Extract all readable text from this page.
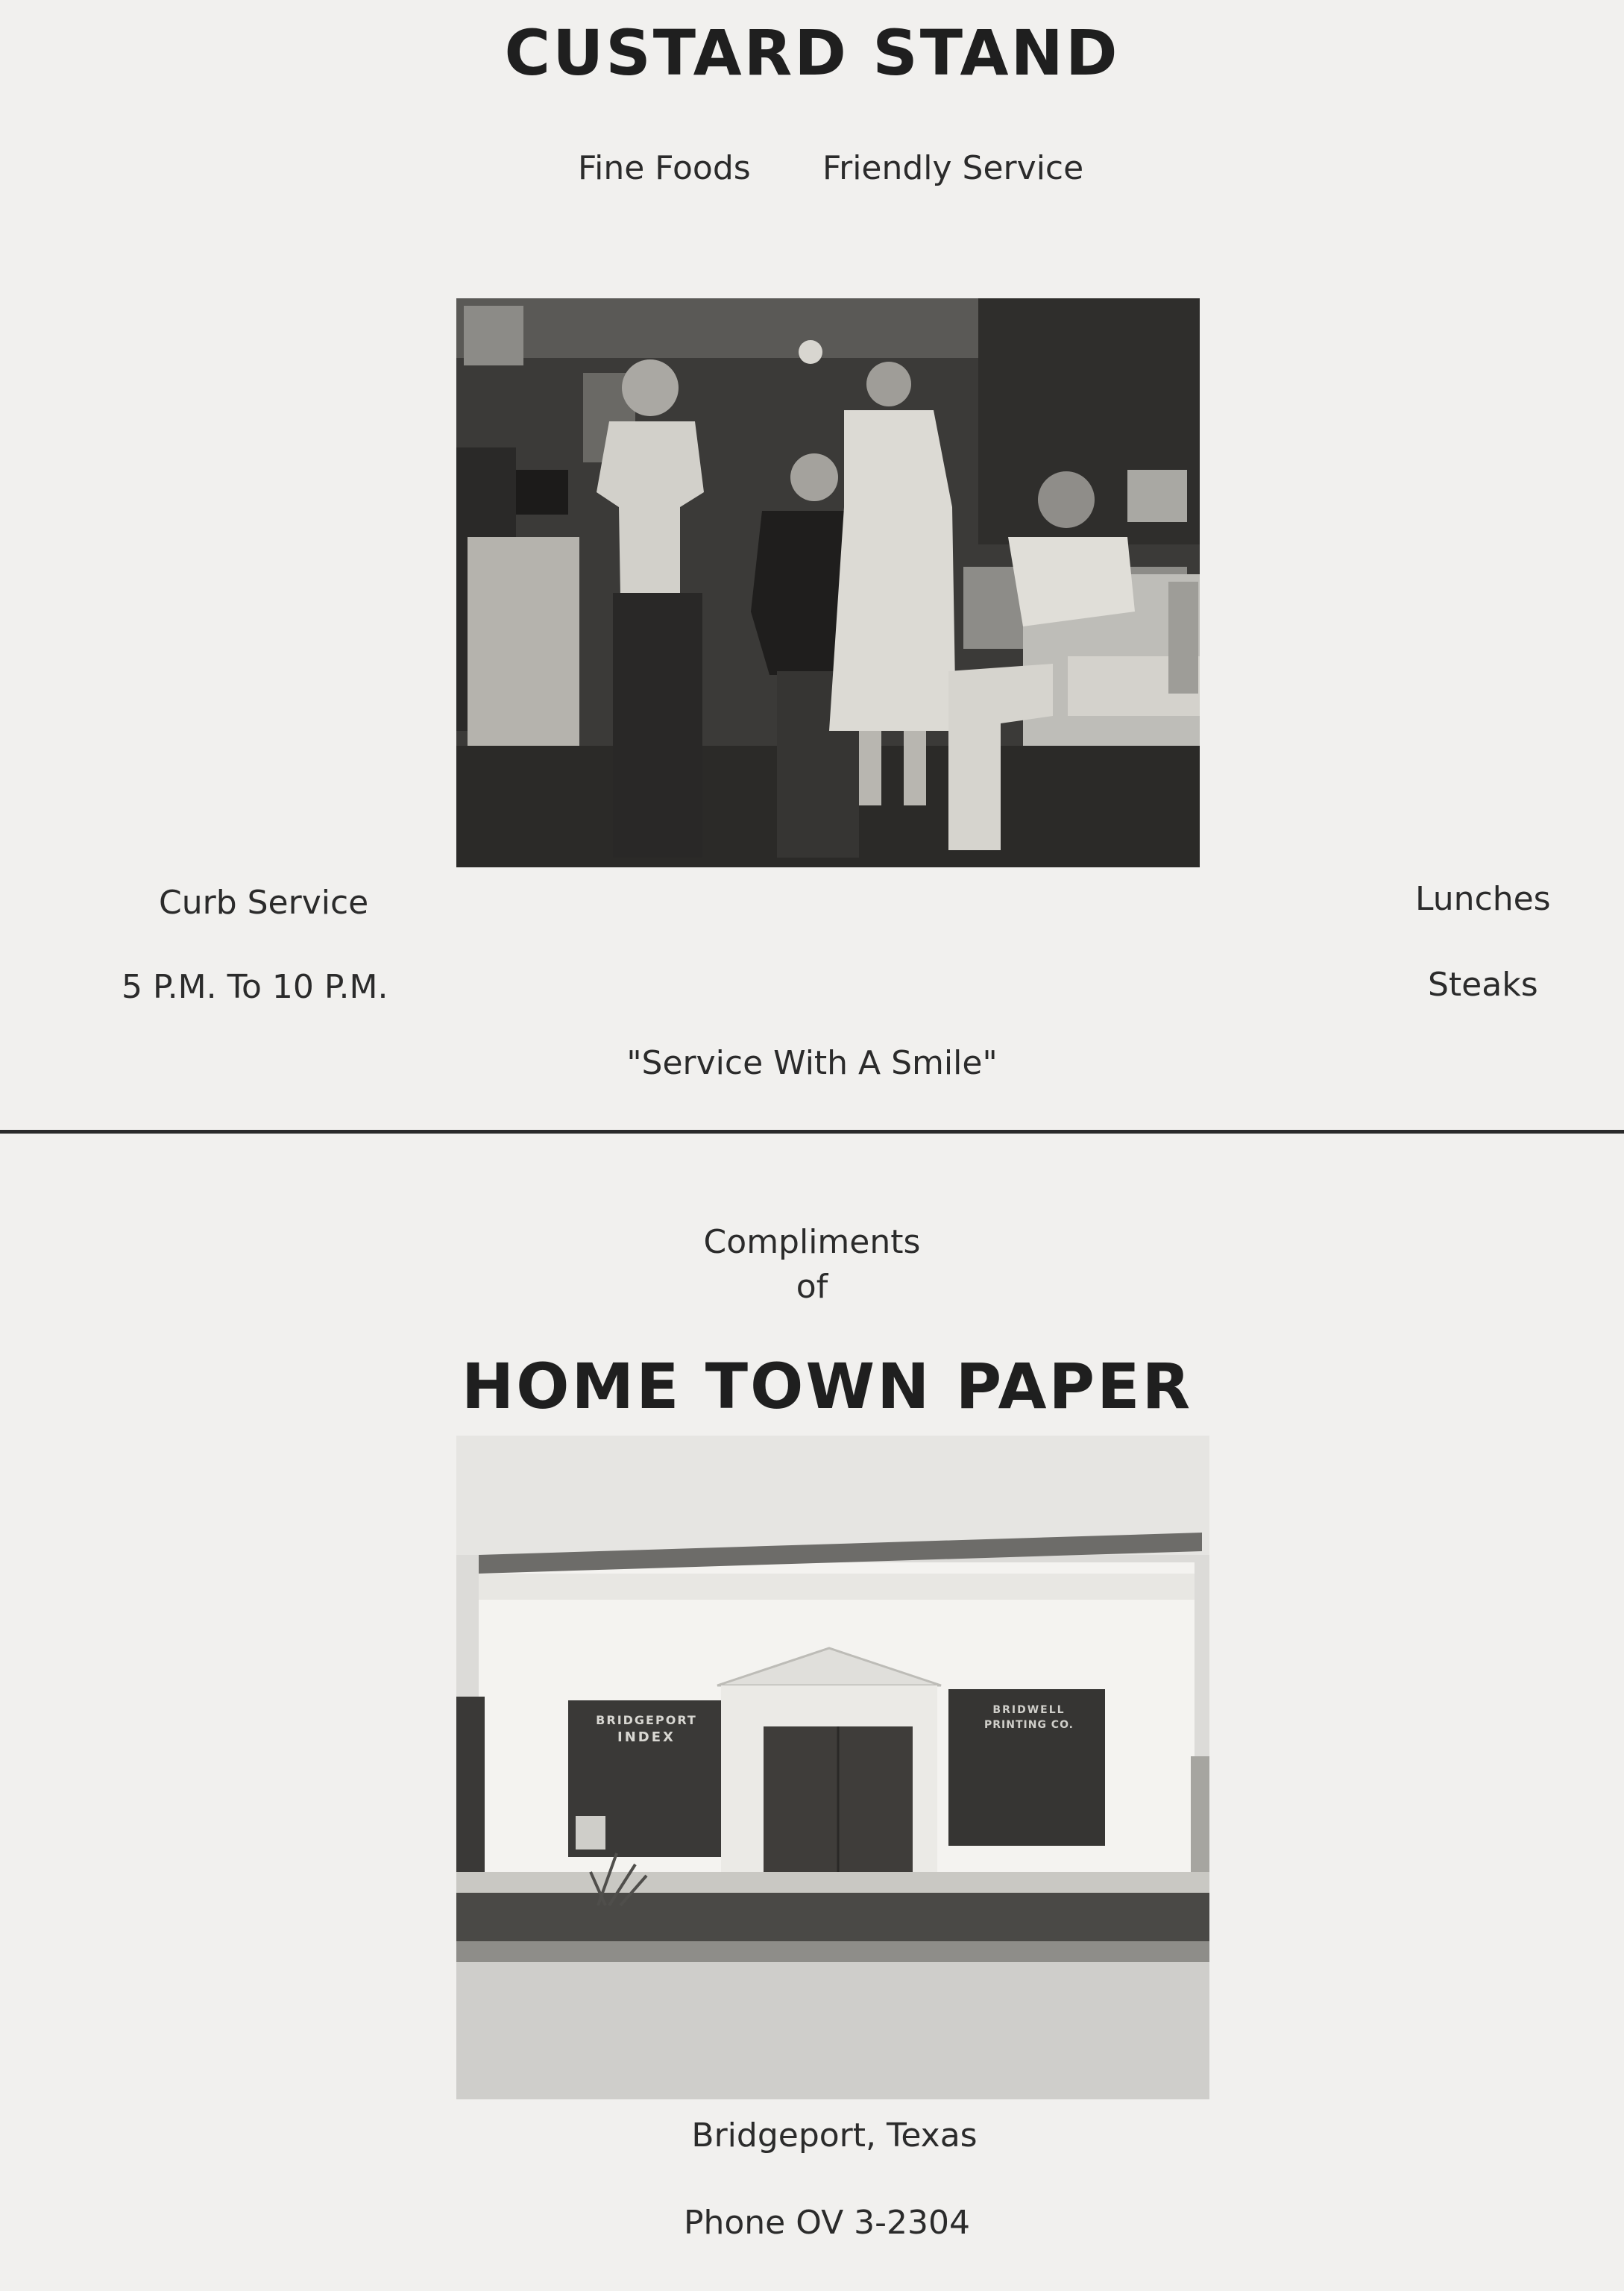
CUSTARD STAND
Fine Foods Friendly Service
Curb Service
5 P.M. To 10 P.M.
Lunches
Steaks
"Service With A Smile"
Compliments
of
HOME TOWN PAPER
BRIDGEPORT
INDEX
BRIDWELL
PRINTING CO.
Bridgeport, Texas
Phone OV 3-2304
